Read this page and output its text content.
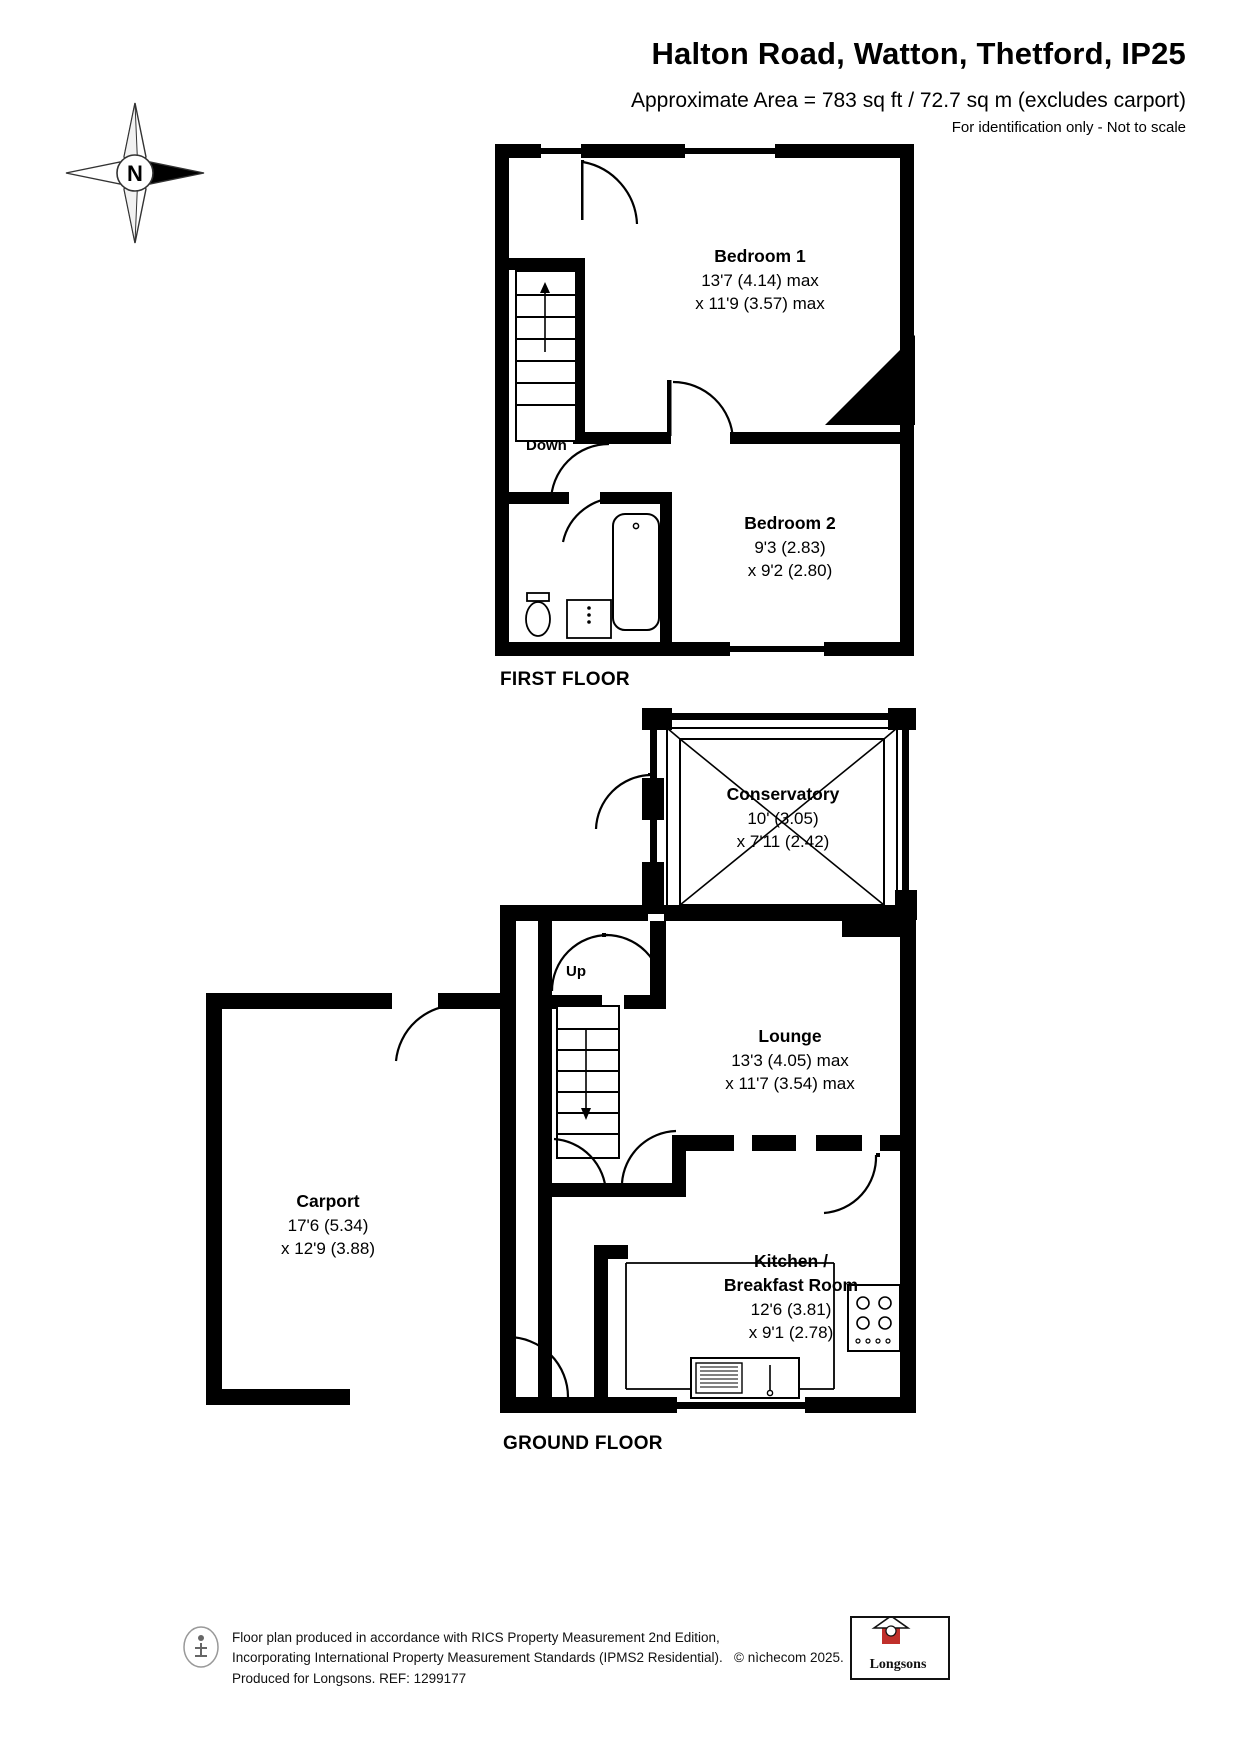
Halton Road, Watton, Thetford, IP25
Approximate Area = 783 sq ft / 72.7 sq m (excludes carport)
For identification only - Not to scale
N
Down
Bedroom 1
13'7 (4.14) max
x 11'9 (3.57) max
Bedroom 2
9'3 (2.83)
x 9'2 (2.80)
FIRST FLOOR
Conservatory
10' (3.05)
x 7'11 (2.42)
Up
Carport
17'6 (5.34)
x 12'9 (3.88)
Lounge
13'3 (4.05) max
x 11'7 (3.54) max
Kitchen /
Breakfast Room
12'6 (3.81)
x 9'1 (2.78)
GROUND FLOOR
Floor plan produced in accordance with RICS Property Measurement 2nd Edition,
Incorporating International Property Measurement Standards (IPMS2 Residential). © nìchecom 2025.
Produced for Longsons. REF: 1299177
Longsons
